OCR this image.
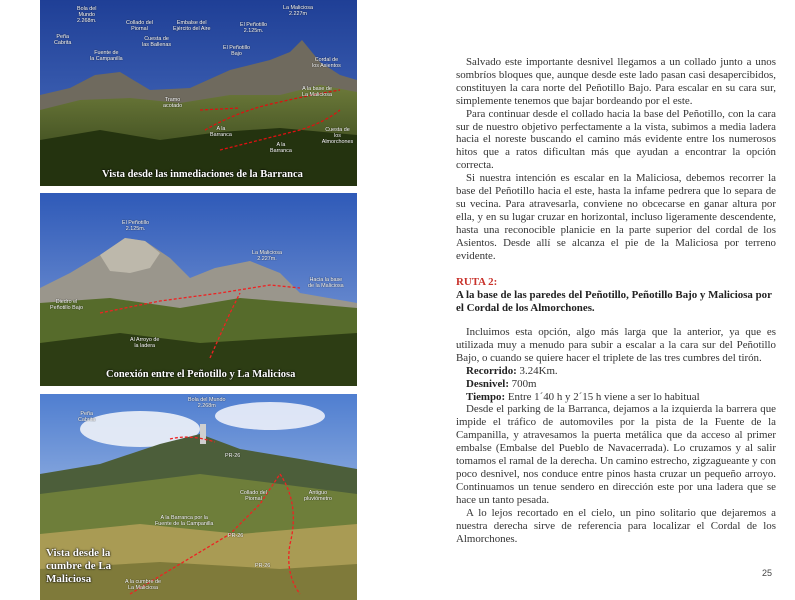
Bola del
Mundo
2.268m.
Peña
Cabrita
Fuente de
la Campanilla
Collado del
Piornal
Cuesta de
las Ballenas
Embalse del
Ejército del Aire
El Peñotillo
2.125m.
El Peñotillo
Bajo
La Maliciosa
2.227m
Cordal de
los Asientos
Tramo
acotado
A la base de
La Maliciosa
A la
Barranca
Cuesta de
los Almorchones
A la
Barranca
Vista desde las inmediaciones de la Barranca
El Peñotillo
2.125m.
La Maliciosa
2.227m.
Hacia la base
de la Maliciosa
Diedro el
Peñotillo Bajo
Al Arroyo de
la ladera
Conexión entre el Peñotillo y La Maliciosa
Bola del Mundo
2.268m
Peña
Cabrita
Collado del
Piornal
Antiguo
pluviómetro
A la Barranca por la
Fuente de la Campanilla
PR-26
PR-26
PR-26
A la cumbre de
La Maliciosa
Vista desde la
cumbre de La
Maliciosa

Salvado este importante desnivel llegamos a un collado junto a unos sombríos bloques que, aunque desde este lado pasan casi desapercibidos, constituyen la cara norte del Peñotillo Bajo. Para escalar en su cara sur, simplemente tenemos que bajar bordeando por el este.

Para continuar desde el collado hacia la base del Peñotillo, con la cara sur de nuestro objetivo perfectamente a la vista, subimos a media ladera hacia el noreste buscando el camino más evidente entre los numerosos hitos que a ratos dificultan más que ayudan a encontrar la opción correcta.

Si nuestra intención es escalar en la Maliciosa, debemos recorrer la base del Peñotillo hacia el este, hasta la infame pedrera que lo separa de su vecina. Para atravesarla, conviene no obcecarse en ganar altura por ella, y en su lugar cruzar en horizontal, incluso ligeramente descendente, hasta una reconocible planicie en la parte superior del cordal de los Asientos. Desde allí se alcanza el pie de la Maliciosa por terreno evidente.

RUTA 2:
A la base de las paredes del Peñotillo, Peñotillo Bajo y Maliciosa por el Cordal de los Almorchones.

Incluimos esta opción, algo más larga que la anterior, ya que es utilizada muy a menudo para subir a escalar a la cara sur del Peñotillo Bajo, o cuando se quiere hacer el triplete de las tres cumbres del tirón.

Recorrido: 3.24Km.

Desnivel: 700m

Tiempo: Entre 1´40 h y 2´15 h viene a ser lo habitual

Desde el parking de la Barranca, dejamos a la izquierda la barrera que impide el tráfico de automoviles por la pista de la Fuente de la Campanilla, y atravesamos la puerta metálica que da acceso al primer embalse (Embalse del Pueblo de Navacerrada). Lo cruzamos y al salir tomamos el ramal de la derecha. Un camino estrecho, zigzagueante y con poco desnivel, nos conduce entre pinos hasta cruzar un pequeño arroyo. Continuamos un tenue sendero en dirección este por una ladera que se hace un tanto pesada.

A lo lejos recortado en el cielo, un pino solitario que dejaremos a nuestra derecha sirve de referencia para localizar el Cordal de los Almorchones.

25
